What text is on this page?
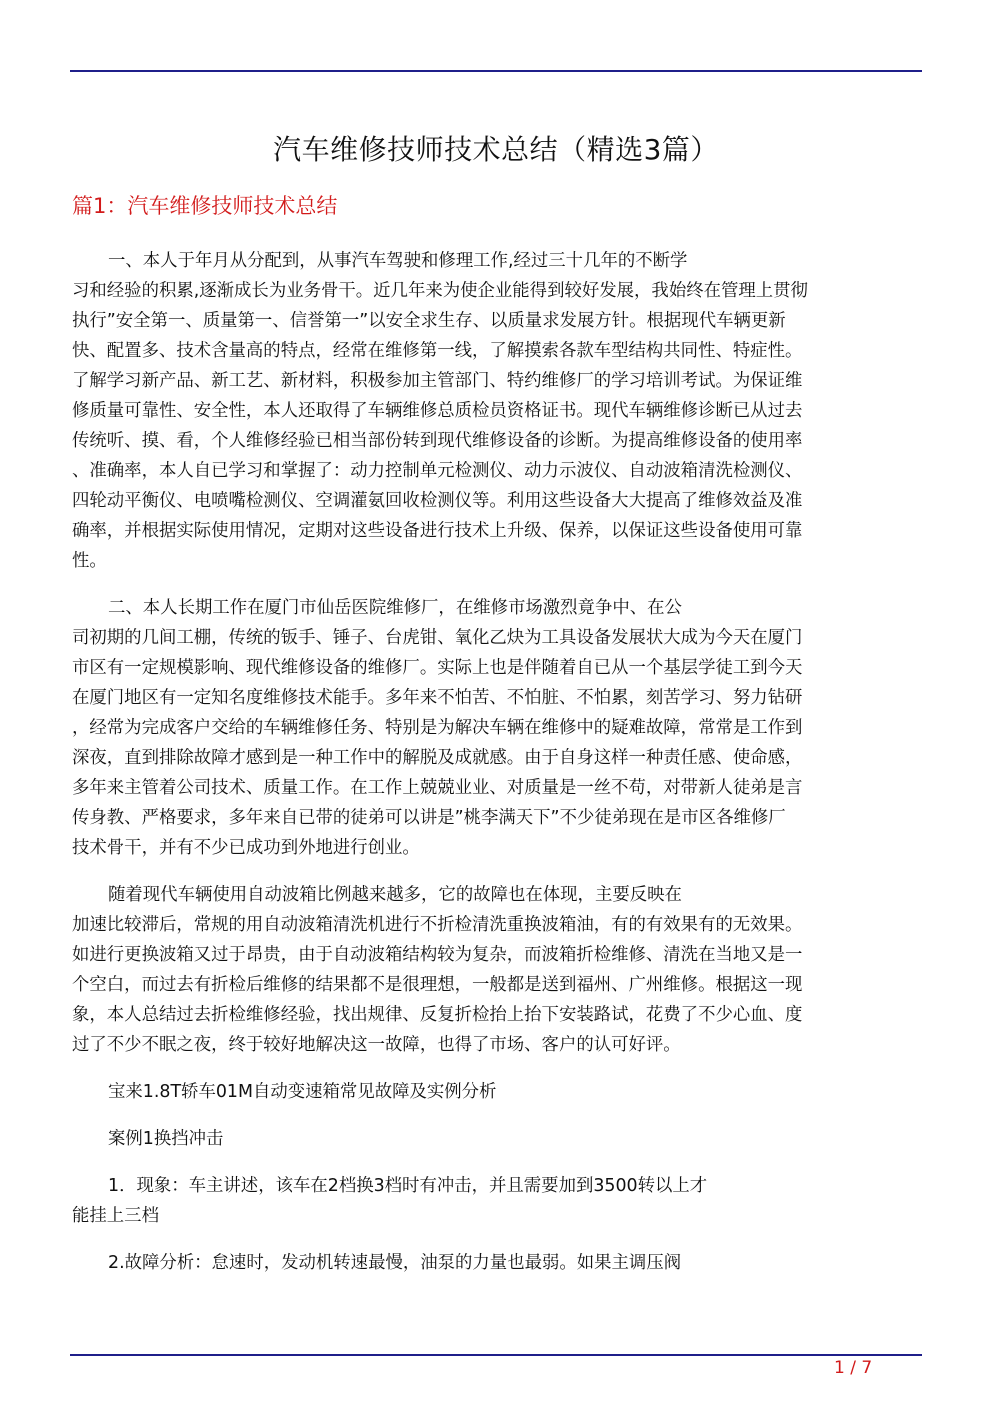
汽车维修技师技术总结（精选3篇）
篇1：汽车维修技师技术总结

一、本人于年月从分配到，从事汽车驾驶和修理工作,经过三十几年的不断学
习和经验的积累,逐渐成长为业务骨干。近几年来为使企业能得到较好发展，我始终在管理上贯彻
执行”安全第一、质量第一、信誉第一”以安全求生存、以质量求发展方针。根据现代车辆更新
快、配置多、技术含量高的特点，经常在维修第一线，了解摸索各款车型结构共同性、特症性。
了解学习新产品、新工艺、新材料，积极参加主管部门、特约维修厂的学习培训考试。为保证维
修质量可靠性、安全性，本人还取得了车辆维修总质检员资格证书。现代车辆维修诊断已从过去
传统听、摸、看，个人维修经验已相当部份转到现代维修设备的诊断。为提高维修设备的使用率
、准确率，本人自已学习和掌握了：动力控制单元检测仪、动力示波仪、自动波箱清洗检测仪、
四轮动平衡仪、电喷嘴检测仪、空调灌氨回收检测仪等。利用这些设备大大提高了维修效益及准
确率，并根据实际使用情况，定期对这些设备进行技术上升级、保养，以保证这些设备使用可靠
性。

二、本人长期工作在厦门市仙岳医院维修厂，在维修市场激烈竟争中、在公
司初期的几间工棚，传统的钣手、锤子、台虎钳、氧化乙炔为工具设备发展状大成为今天在厦门
市区有一定规模影响、现代维修设备的维修厂。实际上也是伴随着自已从一个基层学徒工到今天
在厦门地区有一定知名度维修技术能手。多年来不怕苦、不怕脏、不怕累，刻苦学习、努力钻研
，经常为完成客户交给的车辆维修任务、特别是为解决车辆在维修中的疑难故障，常常是工作到
深夜，直到排除故障才感到是一种工作中的解脱及成就感。由于自身这样一种责任感、使命感，
多年来主管着公司技术、质量工作。在工作上兢兢业业、对质量是一丝不苟，对带新人徒弟是言
传身教、严格要求，多年来自已带的徒弟可以讲是”桃李满天下”不少徒弟现在是市区各维修厂
技术骨干，并有不少已成功到外地进行创业。

随着现代车辆使用自动波箱比例越来越多，它的故障也在体现，主要反映在
加速比较滞后，常规的用自动波箱清洗机进行不折检清洗重换波箱油，有的有效果有的无效果。
如进行更换波箱又过于昂贵，由于自动波箱结构较为复杂，而波箱折检维修、清洗在当地又是一
个空白，而过去有折检后维修的结果都不是很理想，一般都是送到福州、广州维修。根据这一现
象，本人总结过去折检维修经验，找出规律、反复折检抬上抬下安装路试，花费了不少心血、度
过了不少不眠之夜，终于较好地解决这一故障，也得了市场、客户的认可好评。

宝来1.8T轿车01M自动变速箱常见故障及实例分析

案例1换挡冲击

1．现象：车主讲述，该车在2档换3档时有冲击，并且需要加到3500转以上才
能挂上三档

2.故障分析：怠速时，发动机转速最慢，油泵的力量也最弱。如果主调压阀

1 / 7
